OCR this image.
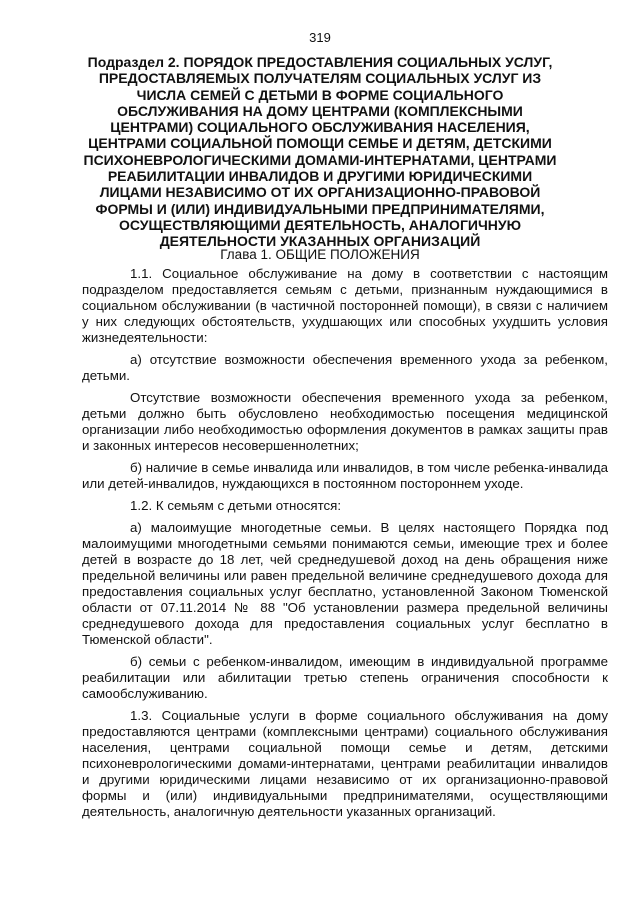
319
Подраздел 2. ПОРЯДОК ПРЕДОСТАВЛЕНИЯ СОЦИАЛЬНЫХ УСЛУГ, ПРЕДОСТАВЛЯЕМЫХ ПОЛУЧАТЕЛЯМ СОЦИАЛЬНЫХ УСЛУГ ИЗ ЧИСЛА СЕМЕЙ С ДЕТЬМИ В ФОРМЕ СОЦИАЛЬНОГО ОБСЛУЖИВАНИЯ НА ДОМУ ЦЕНТРАМИ (КОМПЛЕКСНЫМИ ЦЕНТРАМИ) СОЦИАЛЬНОГО ОБСЛУЖИВАНИЯ НАСЕЛЕНИЯ, ЦЕНТРАМИ СОЦИАЛЬНОЙ ПОМОЩИ СЕМЬЕ И ДЕТЯМ, ДЕТСКИМИ ПСИХОНЕВРОЛОГИЧЕСКИМИ ДОМАМИ-ИНТЕРНАТАМИ, ЦЕНТРАМИ РЕАБИЛИТАЦИИ ИНВАЛИДОВ И ДРУГИМИ ЮРИДИЧЕСКИМИ ЛИЦАМИ НЕЗАВИСИМО ОТ ИХ ОРГАНИЗАЦИОННО-ПРАВОВОЙ ФОРМЫ И (ИЛИ) ИНДИВИДУАЛЬНЫМИ ПРЕДПРИНИМАТЕЛЯМИ, ОСУЩЕСТВЛЯЮЩИМИ ДЕЯТЕЛЬНОСТЬ, АНАЛОГИЧНУЮ ДЕЯТЕЛЬНОСТИ УКАЗАННЫХ ОРГАНИЗАЦИЙ
Глава 1. ОБЩИЕ ПОЛОЖЕНИЯ

1.1. Социальное обслуживание на дому в соответствии с настоящим подразделом предоставляется семьям с детьми, признанным нуждающимися в социальном обслуживании (в частичной посторонней помощи), в связи с наличием у них следующих обстоятельств, ухудшающих или способных ухудшить условия жизнедеятельности:

а) отсутствие возможности обеспечения временного ухода за ребенком, детьми.

Отсутствие возможности обеспечения временного ухода за ребенком, детьми должно быть обусловлено необходимостью посещения медицинской организации либо необходимостью оформления документов в рамках защиты прав и законных интересов несовершеннолетних;

б) наличие в семье инвалида или инвалидов, в том числе ребенка-инвалида или детей-инвалидов, нуждающихся в постоянном постороннем уходе.

1.2. К семьям с детьми относятся:

а) малоимущие многодетные семьи. В целях настоящего Порядка под малоимущими многодетными семьями понимаются семьи, имеющие трех и более детей в возрасте до 18 лет, чей среднедушевой доход на день обращения ниже предельной величины или равен предельной величине среднедушевого дохода для предоставления социальных услуг бесплатно, установленной Законом Тюменской области от 07.11.2014 № 88 "Об установлении размера предельной величины среднедушевого дохода для предоставления социальных услуг бесплатно в Тюменской области".

б) семьи с ребенком-инвалидом, имеющим в индивидуальной программе реабилитации или абилитации третью степень ограничения способности к самообслуживанию.

1.3. Социальные услуги в форме социального обслуживания на дому предоставляются центрами (комплексными центрами) социального обслуживания населения, центрами социальной помощи семье и детям, детскими психоневрологическими домами-интернатами, центрами реабилитации инвалидов и другими юридическими лицами независимо от их организационно-правовой формы и (или) индивидуальными предпринимателями, осуществляющими деятельность, аналогичную деятельности указанных организаций.
